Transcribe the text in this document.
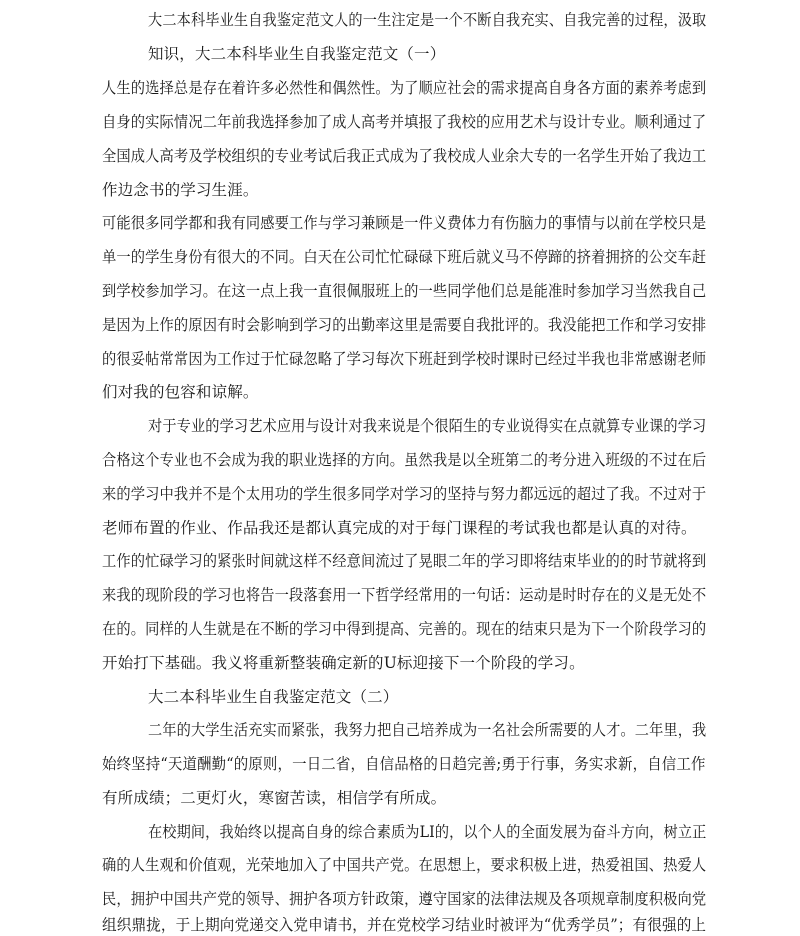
大二本科毕业生自我鉴定范文人的一生注定是一个不断自我充实、自我完善的过程，汲取
知识，大二本科毕业生自我鉴定范文（一）
人生的选择总是存在着许多必然性和偶然性。为了顺应社会的需求提高自身各方面的素养考虑到
自身的实际情况二年前我选择参加了成人高考并填报了我校的应用艺术与设计专业。顺利通过了
全国成人高考及学校组织的专业考试后我正式成为了我校成人业余大专的一名学生开始了我边工
作边念书的学习生涯。
可能很多同学都和我有同感要工作与学习兼顾是一件义费体力有伤脑力的事情与以前在学校只是
单一的学生身份有很大的不同。白天在公司忙忙碌碌下班后就义马不停蹄的挤着拥挤的公交车赶
到学校参加学习。在这一点上我一直很佩服班上的一些同学他们总是能准时参加学习当然我自己
是因为上作的原因有时会影响到学习的出勤率这里是需要自我批评的。我没能把工作和学习安排
的很妥帖常常因为工作过于忙碌忽略了学习每次下班赶到学校时课时已经过半我也非常感谢老师
们对我的包容和谅解。
对于专业的学习艺术应用与设计对我来说是个很陌生的专业说得实在点就算专业课的学习
合格这个专业也不会成为我的职业选择的方向。虽然我是以全班第二的考分进入班级的不过在后
来的学习中我并不是个太用功的学生很多同学对学习的坚持与努力都远远的超过了我。不过对于
老师布置的作业、作品我还是都认真完成的对于每门课程的考试我也都是认真的对待。
工作的忙碌学习的紧张时间就这样不经意间流过了晃眼二年的学习即将结束毕业的的时节就将到
来我的现阶段的学习也将告一段落套用一下哲学经常用的一句话：运动是时时存在的义是无处不
在的。同样的人生就是在不断的学习中得到提高、完善的。现在的结束只是为下一个阶段学习的
开始打下基础。我义将重新整装确定新的U标迎接下一个阶段的学习。
大二本科毕业生自我鉴定范文（二）
二年的大学生活充实而紧张，我努力把自己培养成为一名社会所需要的人才。二年里，我
始终坚持“天道酬勤“的原则，一日二省，自信品格的日趋完善;勇于行事，务实求新，自信工作
有所成绩；二更灯火，寒窗苦读，相信学有所成。
在校期间，我始终以提高自身的综合素质为LI的，以个人的全面发展为奋斗方向，树立正
确的人生观和价值观，光荣地加入了中国共产党。在思想上，要求积极上进，热爱祖国、热爱人
民，拥护中国共产党的领导、拥护各项方针政策，遵守国家的法律法规及各项规章制度积极向党
组织鼎拢，于上期向党递交入党申请书，并在党校学习结业时被评为“优秀学员”；有很强的上
